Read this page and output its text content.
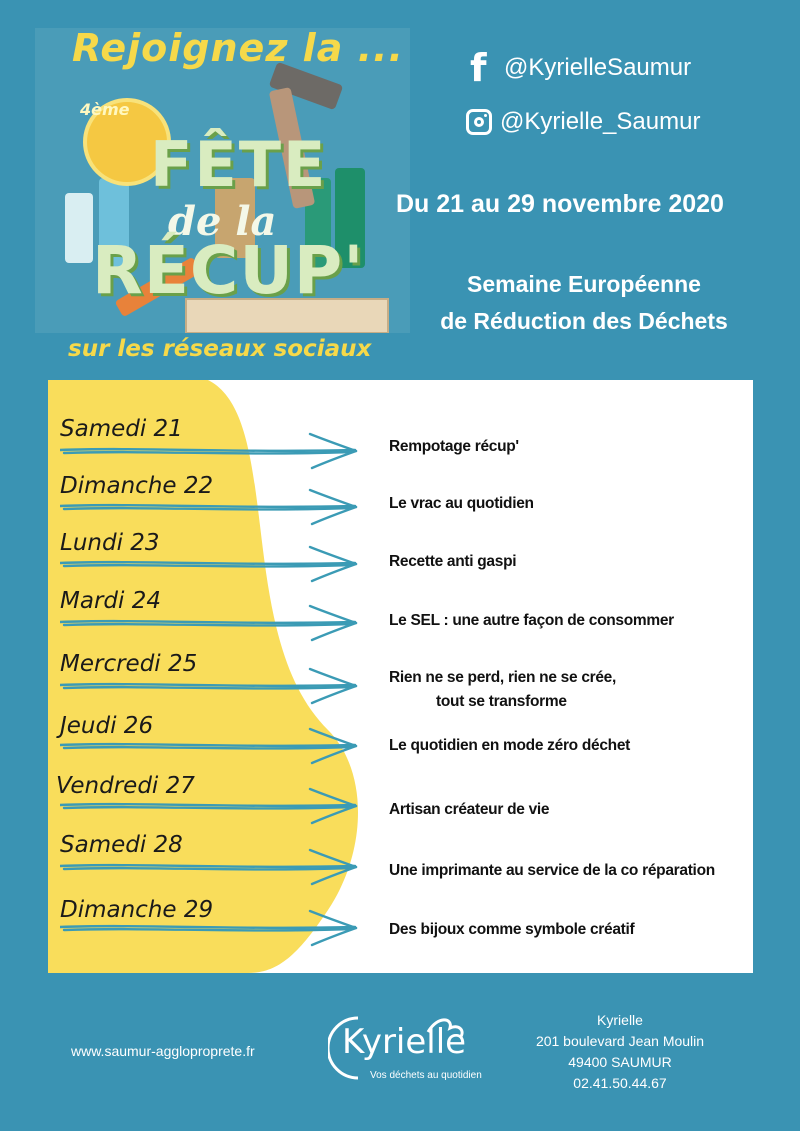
Rejoignez la ...
4ème
FÊTE
de la
RÉCUP'
sur les réseaux sociaux
f @KyrielleSaumur
@Kyrielle_Saumur
Du 21 au 29 novembre 2020
Semaine Européenne
de Réduction des Déchets
Samedi 21
Rempotage récup'
Dimanche 22
Le vrac au quotidien
Lundi 23
Recette anti gaspi
Mardi 24
Le SEL : une autre façon de consommer
Mercredi 25
Rien ne se perd, rien ne se crée,
tout se transforme
Jeudi 26
Le quotidien en mode zéro déchet
Vendredi 27
Artisan créateur de vie
Samedi 28
Une imprimante au service de la co réparation
Dimanche 29
Des bijoux comme symbole créatif
www.saumur-aggloproprete.fr	Kyrielle
Vos déchets au quotidien
Kyrielle
201 boulevard Jean Moulin
49400 SAUMUR
02.41.50.44.67
